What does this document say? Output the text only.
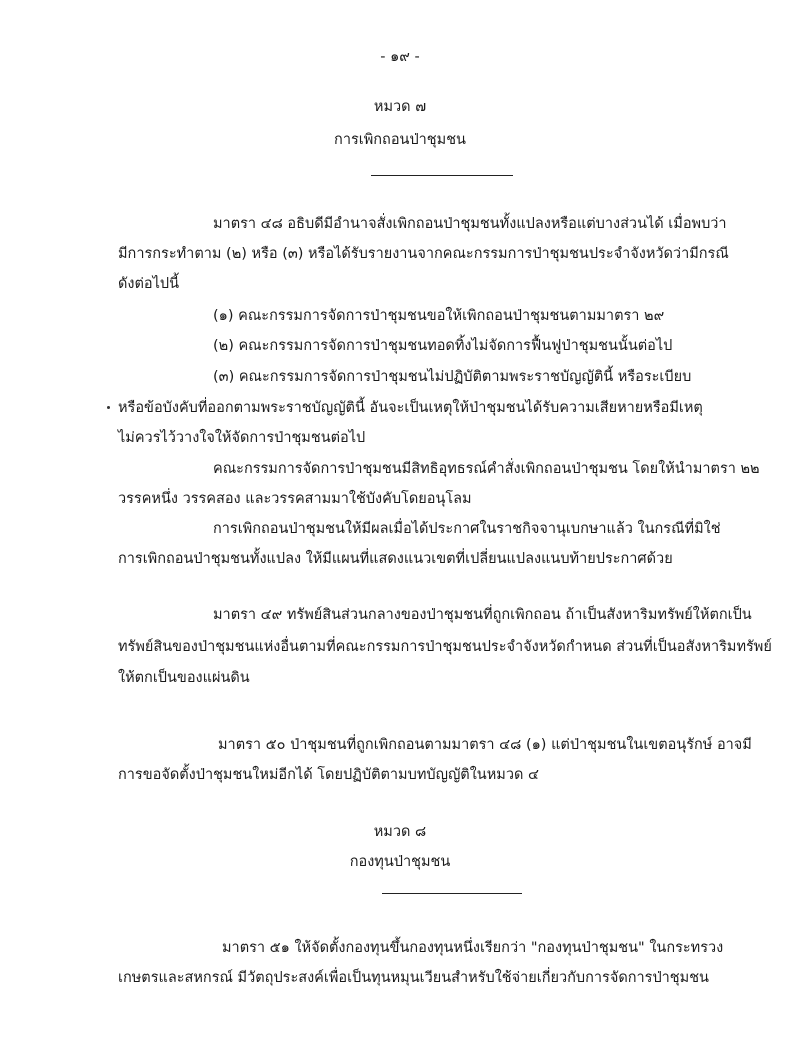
- ๑๙ -
หมวด ๗
การเพิกถอนป่าชุมชน
มาตรา ๔๘ อธิบดีมีอำนาจสั่งเพิกถอนป่าชุมชนทั้งแปลงหรือแต่บางส่วนได้ เมื่อพบว่า
มีการกระทำตาม (๒) หรือ (๓) หรือได้รับรายงานจากคณะกรรมการป่าชุมชนประจำจังหวัดว่ามีกรณี
ดังต่อไปนี้
(๑) คณะกรรมการจัดการป่าชุมชนขอให้เพิกถอนป่าชุมชนตามมาตรา ๒๙
(๒) คณะกรรมการจัดการป่าชุมชนทอดทิ้งไม่จัดการฟื้นฟูป่าชุมชนนั้นต่อไป
(๓) คณะกรรมการจัดการป่าชุมชนไม่ปฏิบัติตามพระราชบัญญัตินี้ หรือระเบียบ
หรือข้อบังคับที่ออกตามพระราชบัญญัตินี้ อันจะเป็นเหตุให้ป่าชุมชนได้รับความเสียหายหรือมีเหตุ
ไม่ควรไว้วางใจให้จัดการป่าชุมชนต่อไป
คณะกรรมการจัดการป่าชุมชนมีสิทธิอุทธรณ์คำสั่งเพิกถอนป่าชุมชน โดยให้นำมาตรา ๒๒
วรรคหนึ่ง วรรคสอง และวรรคสามมาใช้บังคับโดยอนุโลม
การเพิกถอนป่าชุมชนให้มีผลเมื่อได้ประกาศในราชกิจจานุเบกษาแล้ว ในกรณีที่มิใช่
การเพิกถอนป่าชุมชนทั้งแปลง ให้มีแผนที่แสดงแนวเขตที่เปลี่ยนแปลงแนบท้ายประกาศด้วย
มาตรา ๔๙ ทรัพย์สินส่วนกลางของป่าชุมชนที่ถูกเพิกถอน ถ้าเป็นสังหาริมทรัพย์ให้ตกเป็น
ทรัพย์สินของป่าชุมชนแห่งอื่นตามที่คณะกรรมการป่าชุมชนประจำจังหวัดกำหนด ส่วนที่เป็นอสังหาริมทรัพย์
ให้ตกเป็นของแผ่นดิน
มาตรา ๕๐ ป่าชุมชนที่ถูกเพิกถอนตามมาตรา ๔๘ (๑) แต่ป่าชุมชนในเขตอนุรักษ์ อาจมี
การขอจัดตั้งป่าชุมชนใหม่อีกได้ โดยปฏิบัติตามบทบัญญัติในหมวด ๔
หมวด ๘
กองทุนป่าชุมชน
มาตรา ๕๑ ให้จัดตั้งกองทุนขึ้นกองทุนหนึ่งเรียกว่า "กองทุนป่าชุมชน" ในกระทรวง
เกษตรและสหกรณ์ มีวัตถุประสงค์เพื่อเป็นทุนหมุนเวียนสำหรับใช้จ่ายเกี่ยวกับการจัดการป่าชุมชน
